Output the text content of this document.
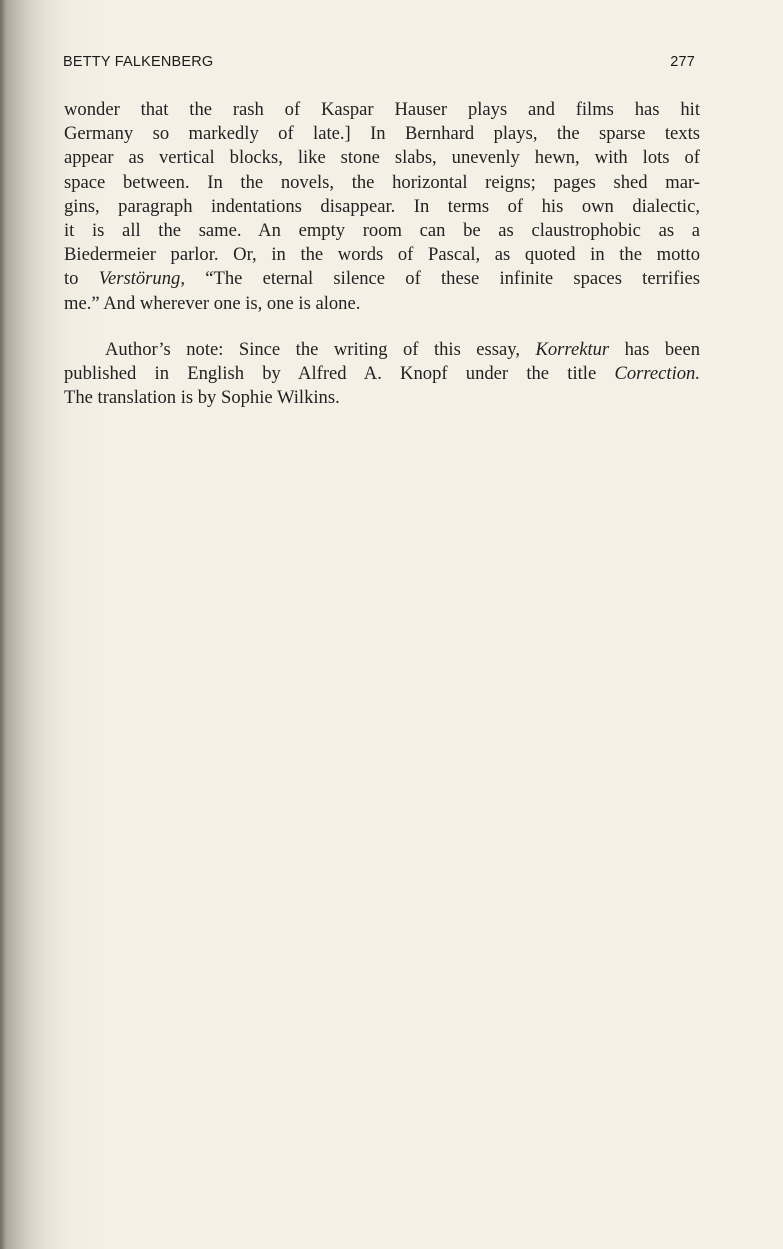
BETTY FALKENBERG	277
wonder that the rash of Kaspar Hauser plays and films has hit
Germany so markedly of late.] In Bernhard plays, the sparse texts
appear as vertical blocks, like stone slabs, unevenly hewn, with lots of
space between. In the novels, the horizontal reigns; pages shed mar-
gins, paragraph indentations disappear. In terms of his own dialectic,
it is all the same. An empty room can be as claustrophobic as a
Biedermeier parlor. Or, in the words of Pascal, as quoted in the motto
to Verstörung, “The eternal silence of these infinite spaces terrifies
me.” And wherever one is, one is alone.
Author’s note: Since the writing of this essay, Korrektur has been
published in English by Alfred A. Knopf under the title Correction.
The translation is by Sophie Wilkins.
